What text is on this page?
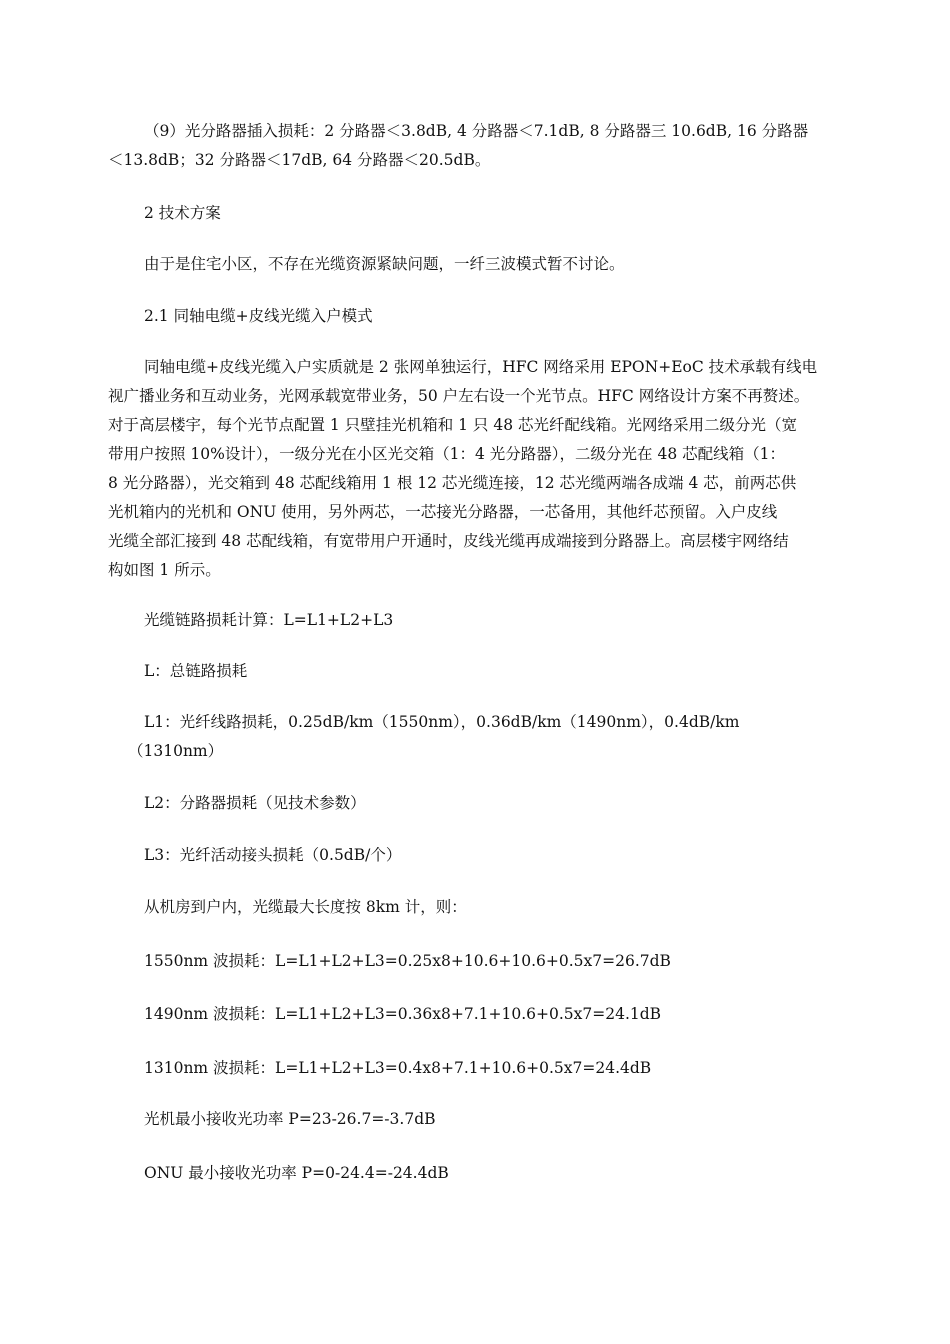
（9）光分路器插入损耗：2 分路器＜3.8dB, 4 分路器＜7.1dB, 8 分路器三 10.6dB, 16 分路器
＜13.8dB；32 分路器＜17dB, 64 分路器＜20.5dB。
2 技术方案
由于是住宅小区，不存在光缆资源紧缺问题，一纤三波模式暂不讨论。
2.1 同轴电缆+皮线光缆入户模式
同轴电缆+皮线光缆入户实质就是 2 张网单独运行，HFC 网络采用 EPON+EoC 技术承载有线电
视广播业务和互动业务，光网承载宽带业务，50 户左右设一个光节点。HFC 网络设计方案不再赘述。
对于高层楼宇，每个光节点配置 1 只壁挂光机箱和 1 只 48 芯光纤配线箱。光网络采用二级分光（宽
带用户按照 10%设计），一级分光在小区光交箱（1：4 光分路器），二级分光在 48 芯配线箱（1：
8 光分路器），光交箱到 48 芯配线箱用 1 根 12 芯光缆连接，12 芯光缆两端各成端 4 芯，前两芯供
光机箱内的光机和 ONU 使用，另外两芯，一芯接光分路器，一芯备用，其他纤芯预留。入户皮线
光缆全部汇接到 48 芯配线箱，有宽带用户开通时，皮线光缆再成端接到分路器上。高层楼宇网络结
构如图 1 所示。
光缆链路损耗计算：L=L1+L2+L3
L：总链路损耗
L1：光纤线路损耗，0.25dB/km（1550nm），0.36dB/km（1490nm），0.4dB/km
（1310nm）
L2：分路器损耗（见技术参数）
L3：光纤活动接头损耗（0.5dB/个）
从机房到户内，光缆最大长度按 8km 计，则：
1550nm 波损耗：L=L1+L2+L3=0.25x8+10.6+10.6+0.5x7=26.7dB
1490nm 波损耗：L=L1+L2+L3=0.36x8+7.1+10.6+0.5x7=24.1dB
1310nm 波损耗：L=L1+L2+L3=0.4x8+7.1+10.6+0.5x7=24.4dB
光机最小接收光功率 P=23-26.7=-3.7dB
ONU 最小接收光功率 P=0-24.4=-24.4dB
